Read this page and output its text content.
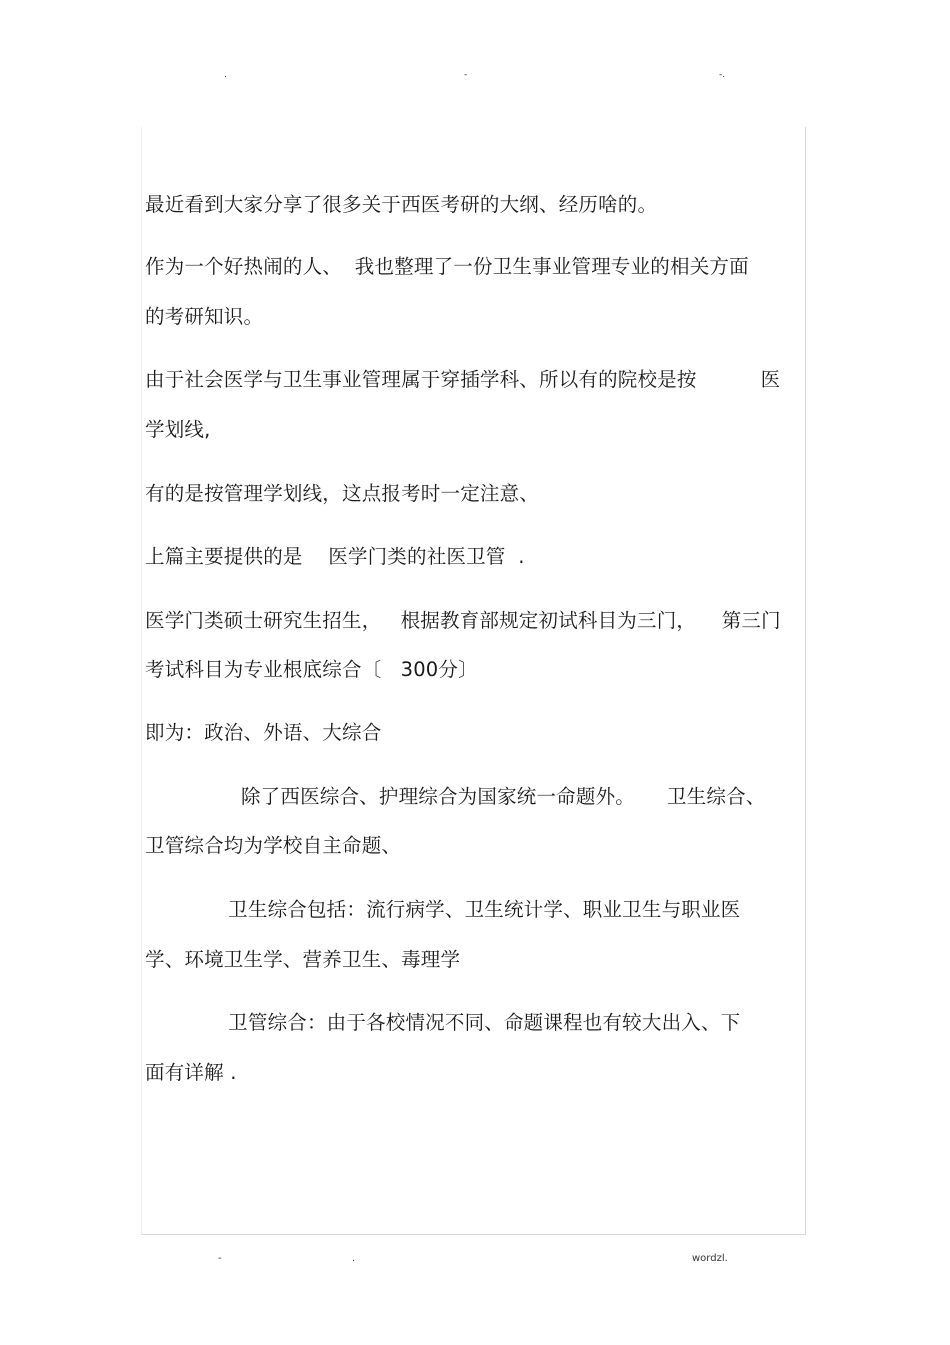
.	-	-.
最近看到大家分享了很多关于西医考研的大纲、经历啥的。
作为一个好热闹的人、  我也整理了一份卫生事业管理专业的相关方面
的考研知识。
由于社会医学与卫生事业管理属于穿插学科、所以有的院校是按          医
学划线,
有的是按管理学划线，这点报考时一定注意、
上篇主要提供的是    医学门类的社医卫管  .
医学门类硕士研究生招生，   根据教育部规定初试科目为三门，    第三门
考试科目为专业根底综合〔   300分〕
即为：政治、外语、大综合
除了西医综合、护理综合为国家统一命题外。     卫生综合、
卫管综合均为学校自主命题、
卫生综合包括：流行病学、卫生统计学、职业卫生与职业医
学、环境卫生学、营养卫生、毒理学
卫管综合：由于各校情况不同、命题课程也有较大出入、下
面有详解 .
-	.	wordzl.
